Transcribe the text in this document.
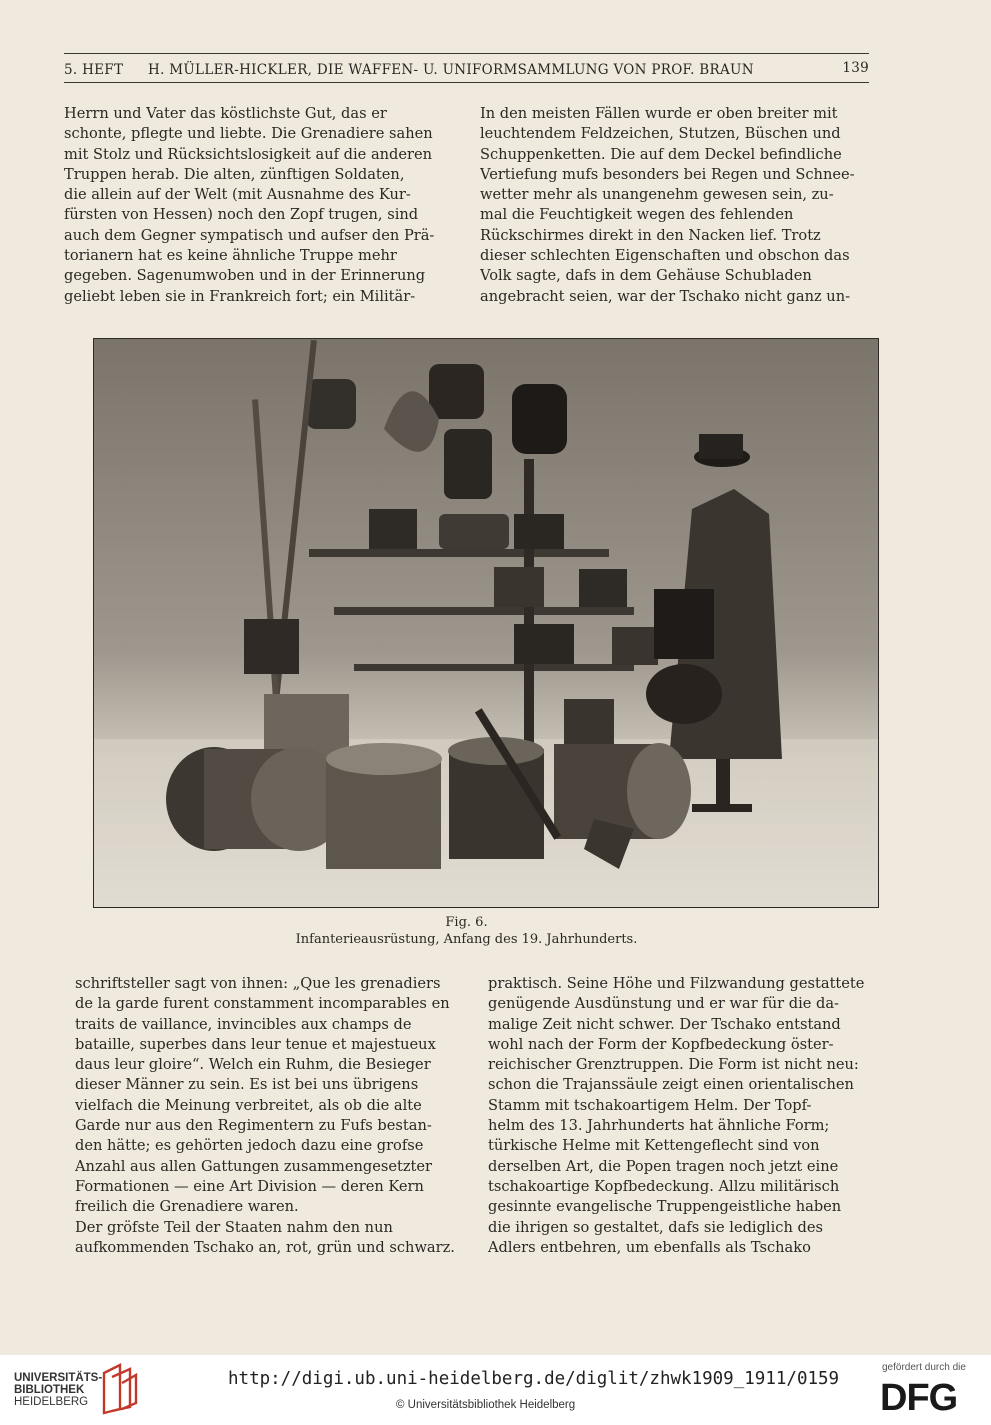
5. HEFT H. MÜLLER-HICKLER, DIE WAFFEN- U. UNIFORMSAMMLUNG VON PROF. BRAUN	139
Herrn und Vater das köstlichste Gut, das er
schonte, pflegte und liebte. Die Grenadiere sahen
mit Stolz und Rücksichtslosigkeit auf die anderen
Truppen herab. Die alten, zünftigen Soldaten,
die allein auf der Welt (mit Ausnahme des Kur-
fürsten von Hessen) noch den Zopf trugen, sind
auch dem Gegner sympatisch und aufser den Prä-
torianern hat es keine ähnliche Truppe mehr
gegeben. Sagenumwoben und in der Erinnerung
geliebt leben sie in Frankreich fort; ein Militär-
In den meisten Fällen wurde er oben breiter mit
leuchtendem Feldzeichen, Stutzen, Büschen und
Schuppenketten. Die auf dem Deckel befindliche
Vertiefung mufs besonders bei Regen und Schnee-
wetter mehr als unangenehm gewesen sein, zu-
mal die Feuchtigkeit wegen des fehlenden
Rückschirmes direkt in den Nacken lief. Trotz
dieser schlechten Eigenschaften und obschon das
Volk sagte, dafs in dem Gehäuse Schubladen
angebracht seien, war der Tschako nicht ganz un-
Fig. 6.
Infanterieausrüstung, Anfang des 19. Jahrhunderts.
schriftsteller sagt von ihnen: „Que les grenadiers
de la garde furent constamment incomparables en
traits de vaillance, invincibles aux champs de
bataille, superbes dans leur tenue et majestueux
daus leur gloire“. Welch ein Ruhm, die Besieger
dieser Männer zu sein. Es ist bei uns übrigens
vielfach die Meinung verbreitet, als ob die alte
Garde nur aus den Regimentern zu Fufs bestan-
den hätte; es gehörten jedoch dazu eine grofse
Anzahl aus allen Gattungen zusammengesetzter
Formationen — eine Art Division — deren Kern
freilich die Grenadiere waren.
Der gröfste Teil der Staaten nahm den nun
aufkommenden Tschako an, rot, grün und schwarz.
praktisch. Seine Höhe und Filzwandung gestattete
genügende Ausdünstung und er war für die da-
malige Zeit nicht schwer. Der Tschako entstand
wohl nach der Form der Kopfbedeckung öster-
reichischer Grenztruppen. Die Form ist nicht neu:
schon die Trajanssäule zeigt einen orientalischen
Stamm mit tschakoartigem Helm. Der Topf-
helm des 13. Jahrhunderts hat ähnliche Form;
türkische Helme mit Kettengeflecht sind von
derselben Art, die Popen tragen noch jetzt eine
tschakoartige Kopfbedeckung. Allzu militärisch
gesinnte evangelische Truppengeistliche haben
die ihrigen so gestaltet, dafs sie lediglich des
Adlers entbehren, um ebenfalls als Tschako
UNIVERSITÄTS-
BIBLIOTHEK
HEIDELBERG
http://digi.ub.uni-heidelberg.de/diglit/zhwk1909_1911/0159
© Universitätsbibliothek Heidelberg
gefördert durch die
DFG
